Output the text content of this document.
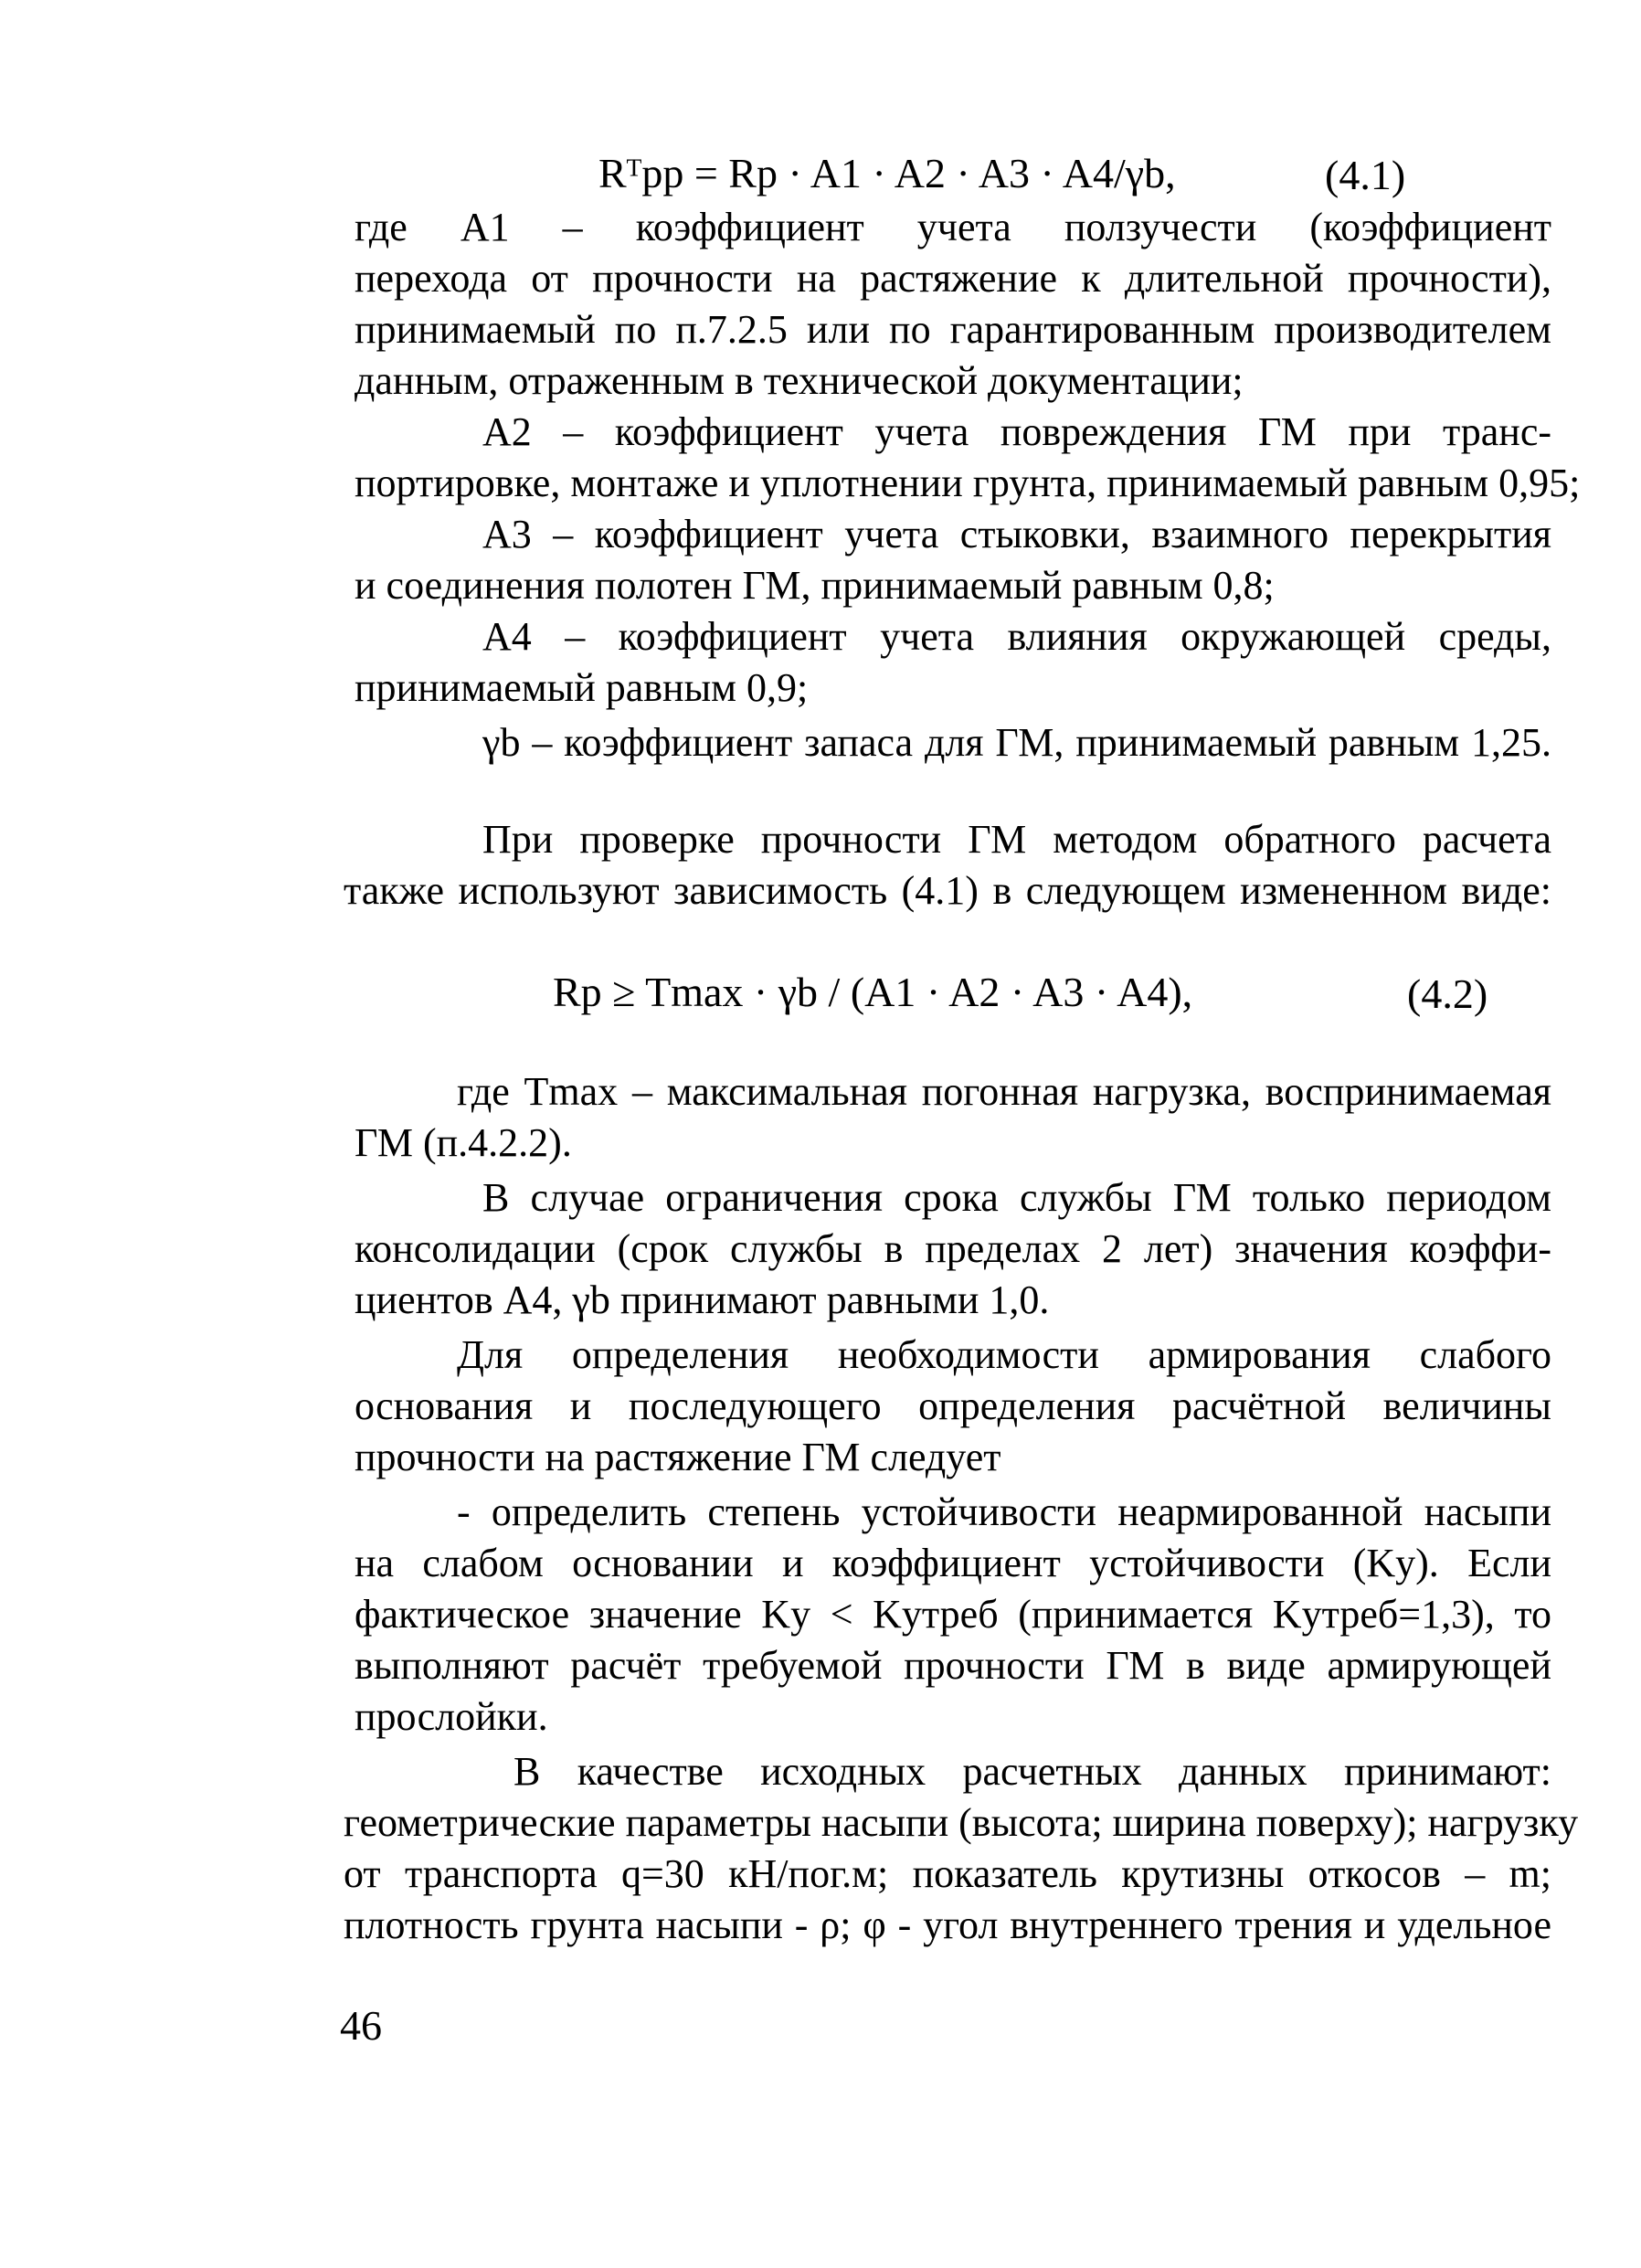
Rᵀpp = Rp · A1 · A2 · A3 · A4/γb,	(4.1)
где A1 – коэффициент учета ползучести (коэффициент
перехода от прочности на растяжение к длительной прочности),
принимаемый по п.7.2.5 или по гарантированным производителем
данным, отраженным в технической документации;
A2 – коэффициент учета повреждения ГМ при транс-
портировке, монтаже и уплотнении грунта, принимаемый равным 0,95;
A3 – коэффициент учета стыковки, взаимного перекрытия
и соединения полотен ГМ, принимаемый равным 0,8;
A4 – коэффициент учета влияния окружающей среды,
принимаемый равным 0,9;
γb – коэффициент запаса для ГМ, принимаемый равным 1,25.
При проверке прочности ГМ методом обратного расчета
также используют зависимость (4.1) в следующем измененном виде:
Rp ≥ Tmax · γb / (A1 · A2 · A3 · A4),	(4.2)
где Tmax – максимальная погонная нагрузка, воспринимаемая
ГМ (п.4.2.2).
В случае ограничения срока службы ГМ только периодом
консолидации (срок службы в пределах 2 лет) значения коэффи-
циентов A4, γb принимают равными 1,0.
Для определения необходимости армирования слабого
основания и последующего определения расчётной величины
прочности на растяжение ГМ следует
- определить степень устойчивости неармированной насыпи
на слабом основании и коэффициент устойчивости (Kу). Если
фактическое значение Kу < Kутреб (принимается Kутреб=1,3), то
выполняют расчёт требуемой прочности ГМ в виде армирующей
прослойки.
В качестве исходных расчетных данных принимают:
геометрические параметры насыпи (высота; ширина поверху); нагрузку
от транспорта q=30 кН/пог.м; показатель крутизны откосов – m;
плотность грунта насыпи - ρ; φ - угол внутреннего трения и удельное
46
